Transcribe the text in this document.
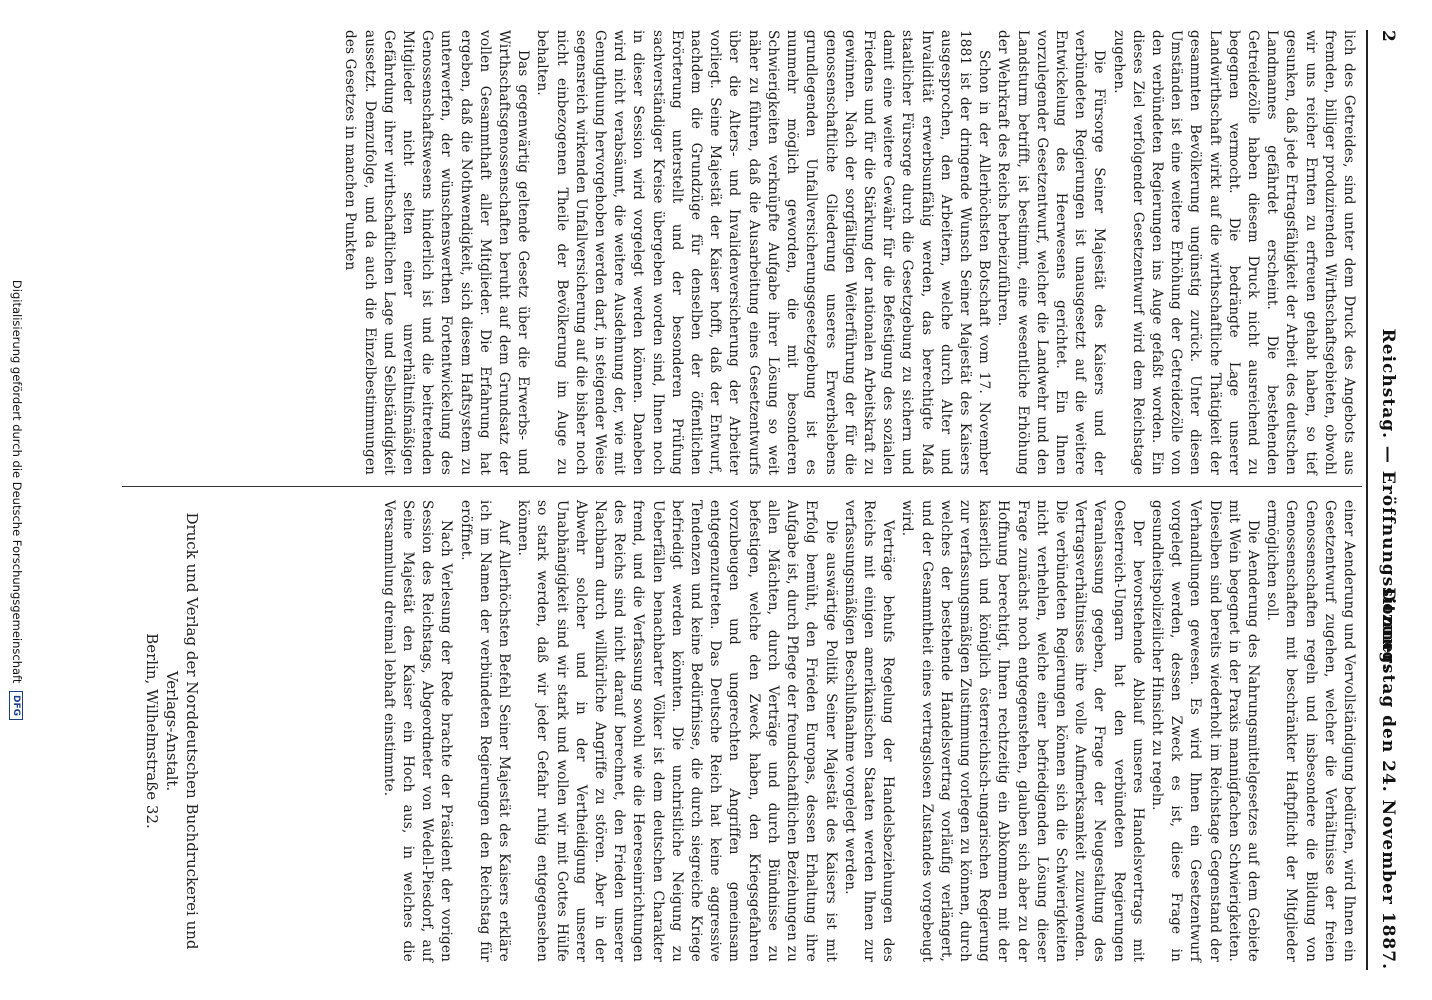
2
Reichstag. — Eröffnungssitzung.
Donnerstag den 24. November 1887.

lich des Getreides, sind unter dem Druck des Angebots aus fremden, billiger produzirenden Wirthschaftsgebieten, obwohl wir uns reicher Ernten zu erfreuen gehabt haben, so tief gesunken, daß jede Ertragsfähigkeit der Arbeit des deutschen Landmannes gefährdet erscheint. Die bestehenden Getreidezölle haben diesem Druck nicht ausreichend zu begegnen vermocht. Die bedrängte Lage unserer Landwirthschaft wirkt auf die wirthschaftliche Thätigkeit der gesammten Bevölkerung ungünstig zurück. Unter diesen Umständen ist eine weitere Erhöhung der Getreidezölle von den verbündeten Regierungen ins Auge gefaßt worden. Ein dieses Ziel verfolgender Gesetzentwurf wird dem Reichstage zugehen.

Die Fürsorge Seiner Majestät des Kaisers und der verbündeten Regierungen ist unausgesetzt auf die weitere Entwickelung des Heerwesens gerichtet. Ein Ihnen vorzulegender Gesetzentwurf, welcher die Landwehr und den Landsturm betrifft, ist bestimmt, eine wesentliche Erhöhung der Wehrkraft des Reichs herbeizuführen.

Schon in der Allerhöchsten Botschaft vom 17. November 1881 ist der dringende Wunsch Seiner Majestät des Kaisers ausgesprochen, den Arbeitern, welche durch Alter und Invalidität erwerbsunfähig werden, das berechtigte Maß staatlicher Fürsorge durch die Gesetzgebung zu sichern und damit eine weitere Gewähr für die Befestigung des sozialen Friedens und für die Stärkung der nationalen Arbeitskraft zu gewinnen. Nach der sorgfältigen Weiterführung der für die genossenschaftliche Gliederung unseres Erwerbslebens grundlegenden Unfallversicherungsgesetzgebung ist es nunmehr möglich geworden, die mit besonderen Schwierigkeiten verknüpfte Aufgabe ihrer Lösung so weit näher zu führen, daß die Ausarbeitung eines Gesetzentwurfs über die Alters- und Invalidenversicherung der Arbeiter vorliegt. Seine Majestät der Kaiser hofft, daß der Entwurf, nachdem die Grundzüge für denselben der öffentlichen Erörterung unterstellt und der besonderen Prüfung sachverständiger Kreise übergeben worden sind, Ihnen noch in dieser Session wird vorgelegt werden können. Daneben wird nicht verabsäumt, die weitere Ausdehnung der, wie mit Genugthuung hervorgehoben werden darf, in steigender Weise segensreich wirkenden Unfallversicherung auf die bisher noch nicht einbezogenen Theile der Bevölkerung im Auge zu behalten.

Das gegenwärtig geltende Gesetz über die Erwerbs- und Wirthschaftsgenossenschaften beruht auf dem Grundsatz der vollen Gesammthaft aller Mitglieder. Die Erfahrung hat ergeben, daß die Nothwendigkeit, sich diesem Haftsystem zu unterwerfen, der wünschenswerthen Fortentwickelung des Genossenschaftswesens hinderlich ist und die beitretenden Mitglieder nicht selten einer unverhältnißmäßigen Gefährdung ihrer wirthschaftlichen Lage und Selbständigkeit aussetzt. Demzufolge, und da auch die Einzelbestimmungen des Gesetzes in manchen Punkten

einer Aenderung und Vervollständigung bedürfen, wird Ihnen ein Gesetzentwurf zugehen, welcher die Verhältnisse der freien Genossenschaften regeln und insbesondere die Bildung von Genossenschaften mit beschränkter Haftpflicht der Mitglieder ermöglichen soll.

Die Aenderung des Nahrungsmittelgesetzes auf dem Gebiete mit Wein begegnet in der Praxis mannigfachen Schwierigkeiten. Dieselben sind bereits wiederholt im Reichstage Gegenstand der Verhandlungen gewesen. Es wird Ihnen ein Gesetzentwurf vorgelegt werden, dessen Zweck es ist, diese Frage in gesundheitspolizeilicher Hinsicht zu regeln.

Der bevorstehende Ablauf unseres Handelsvertrags mit Oesterreich-Ungarn hat den verbündeten Regierungen Veranlassung gegeben, der Frage der Neugestaltung des Vertragsverhältnisses ihre volle Aufmerksamkeit zuzuwenden. Die verbündeten Regierungen können sich die Schwierigkeiten nicht verhehlen, welche einer befriedigenden Lösung dieser Frage zunächst noch entgegenstehen, glauben sich aber zu der Hoffnung berechtigt, Ihnen rechtzeitig ein Abkommen mit der kaiserlich und königlich österreichisch-ungarischen Regierung zur verfassungsmäßigen Zustimmung vorlegen zu können, durch welches der bestehende Handelsvertrag vorläufig verlängert, und der Gesammtheit eines vertragslosen Zustandes vorgebeugt wird.

Verträge behufs Regelung der Handelsbeziehungen des Reichs mit einigen amerikanischen Staaten werden Ihnen zur verfassungsmäßigen Beschlußnahme vorgelegt werden.

Die auswärtige Politik Seiner Majestät des Kaisers ist mit Erfolg bemüht, den Frieden Europas, dessen Erhaltung ihre Aufgabe ist, durch Pflege der freundschaftlichen Beziehungen zu allen Mächten, durch Verträge und durch Bündnisse zu befestigen, welche den Zweck haben, den Kriegsgefahren vorzubeugen und ungerechten Angriffen gemeinsam entgegenzutreten. Das Deutsche Reich hat keine aggressive Tendenzen und keine Bedürfnisse, die durch siegreiche Kriege befriedigt werden könnten. Die unchristliche Neigung zu Ueberfällen benachbarter Völker ist dem deutschen Charakter fremd, und die Verfassung sowohl wie die Heereseinrichtungen des Reichs sind nicht darauf berechnet, den Frieden unserer Nachbarn durch willkürliche Angriffe zu stören. Aber in der Abwehr solcher und in der Vertheidigung unserer Unabhängigkeit sind wir stark und wollen wir mit Gottes Hülfe so stark werden, daß wir jeder Gefahr ruhig entgegensehen können.

Auf Allerhöchsten Befehl Seiner Majestät des Kaisers erkläre ich im Namen der verbündeten Regierungen den Reichstag für eröffnet.

Nach Verlesung der Rede brachte der Präsident der vorigen Session des Reichstags, Abgeordneter von Wedell-Piesdorf, auf Seine Majestät den Kaiser ein Hoch aus, in welches die Versammlung dreimal lebhaft einstimmte.

Druck und Verlag der Norddeutschen Buchdruckerei und Verlags-Anstalt.
Berlin, Wilhelmstraße 32.
Digitalisierung gefördert durch die Deutsche Forschungsgemeinschaft DFG
